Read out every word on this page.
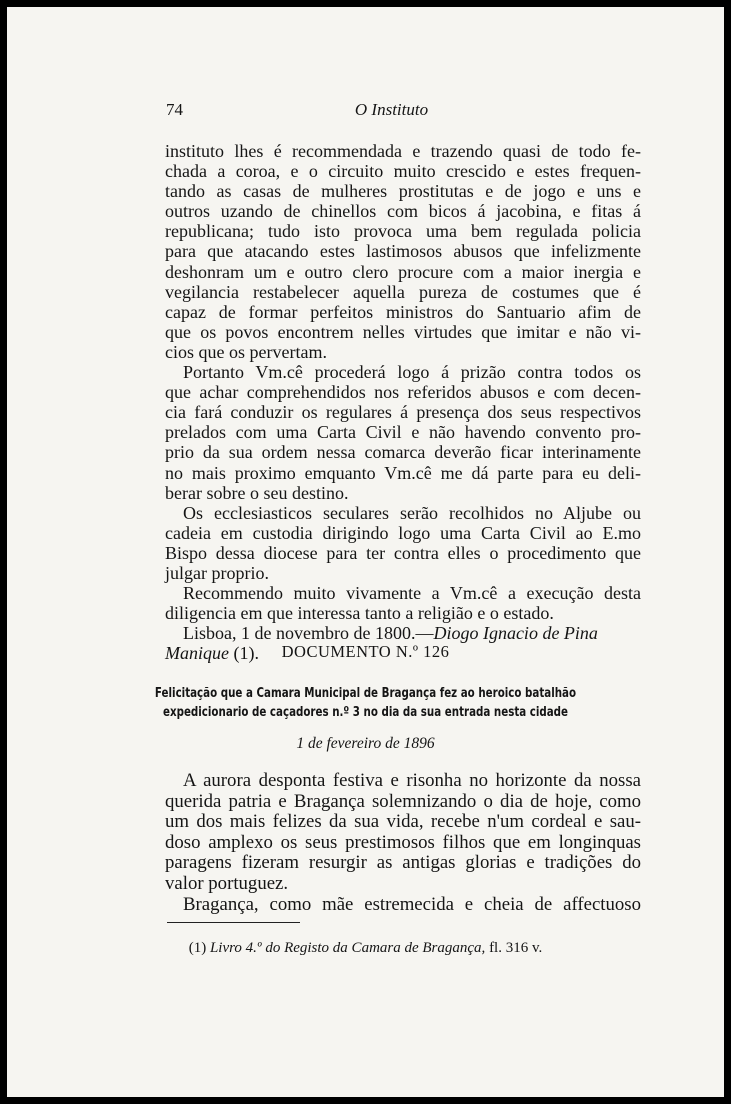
74	O Instituto
instituto lhes é recommendada e trazendo quasi de todo fe-
chada a coroa, e o circuito muito crescido e estes frequen-
tando as casas de mulheres prostitutas e de jogo e uns e
outros uzando de chinellos com bicos á jacobina, e fitas á
republicana; tudo isto provoca uma bem regulada policia
para que atacando estes lastimosos abusos que infelizmente
deshonram um e outro clero procure com a maior inergia e
vegilancia restabelecer aquella pureza de costumes que é
capaz de formar perfeitos ministros do Santuario afim de
que os povos encontrem nelles virtudes que imitar e não vi-
cios que os pervertam.
Portanto Vm.cê procederá logo á prizão contra todos os
que achar comprehendidos nos referidos abusos e com decen-
cia fará conduzir os regulares á presença dos seus respectivos
prelados com uma Carta Civil e não havendo convento pro-
prio da sua ordem nessa comarca deverão ficar interinamente
no mais proximo emquanto Vm.cê me dá parte para eu deli-
berar sobre o seu destino.
Os ecclesiasticos seculares serão recolhidos no Aljube ou
cadeia em custodia dirigindo logo uma Carta Civil ao E.mo
Bispo dessa diocese para ter contra elles o procedimento que
julgar proprio.
Recommendo muito vivamente a Vm.cê a execução desta
diligencia em que interessa tanto a religião e o estado.
Lisboa, 1 de novembro de 1800.—Diogo Ignacio de Pina
Manique (1).	DOCUMENTO N.º 126
Felicitação que a Camara Municipal de Bragança fez ao heroico batalhão
expedicionario de caçadores n.º 3 no dia da sua entrada nesta cidade
1 de fevereiro de 1896
A aurora desponta festiva e risonha no horizonte da nossa
querida patria e Bragança solemnizando o dia de hoje, como
um dos mais felizes da sua vida, recebe n'um cordeal e sau-
doso amplexo os seus prestimosos filhos que em longinquas
paragens fizeram resurgir as antigas glorias e tradições do
valor portuguez.
Bragança, como mãe estremecida e cheia de affectuoso
(1) Livro 4.º do Registo da Camara de Bragança, fl. 316 v.
